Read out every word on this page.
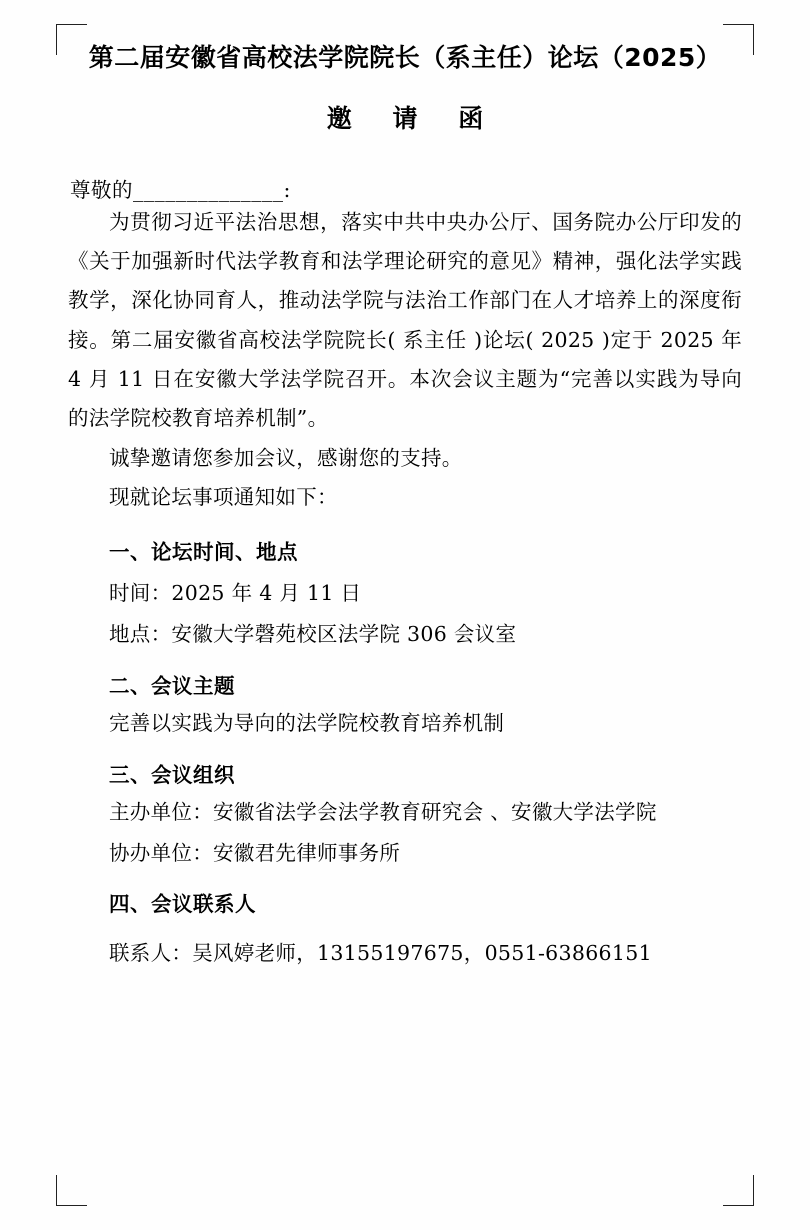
第二届安徽省高校法学院院长（系主任）论坛（2025）
邀 请 函
尊敬的______________:

为贯彻习近平法治思想，落实中共中央办公厅、国务院办公厅印发的《关于加强新时代法学教育和法学理论研究的意见》精神，强化法学实践教学，深化协同育人，推动法学院与法治工作部门在人才培养上的深度衔接。第二届安徽省高校法学院院长( 系主任 )论坛( 2025 )定于 2025 年 4 月 11 日在安徽大学法学院召开。本次会议主题为“完善以实践为导向的法学院校教育培养机制”。

诚挚邀请您参加会议，感谢您的支持。

现就论坛事项通知如下：

一、论坛时间、地点
时间：2025 年 4 月 11 日
地点：安徽大学磬苑校区法学院 306 会议室
二、会议主题
完善以实践为导向的法学院校教育培养机制
三、会议组织
主办单位：安徽省法学会法学教育研究会 、安徽大学法学院
协办单位：安徽君先律师事务所
四、会议联系人
联系人：吴风婷老师，13155197675，0551-63866151
